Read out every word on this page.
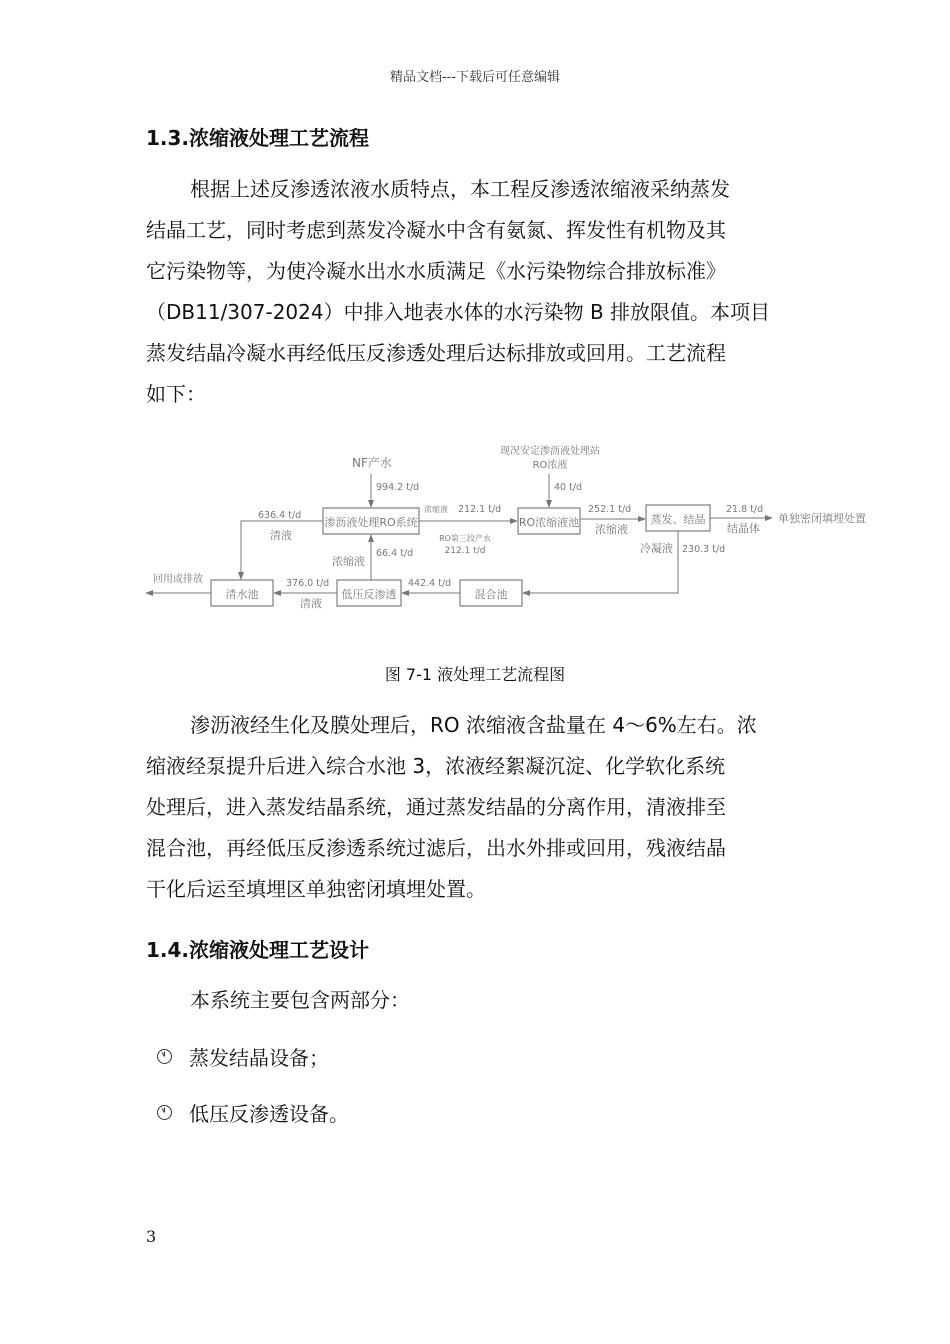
精品文档---下载后可任意编辑
1.3.浓缩液处理工艺流程
根据上述反渗透浓液水质特点，本工程反渗透浓缩液采纳蒸发
结晶工艺，同时考虑到蒸发冷凝水中含有氨氮、挥发性有机物及其
它污染物等，为使冷凝水出水水质满足《水污染物综合排放标准》
（DB11/307-2024）中排入地表水体的水污染物 B 排放限值。本项目
蒸发结晶冷凝水再经低压反渗透处理后达标排放或回用。工艺流程
如下：
渗沥液处理RO系统	RO浓缩液池	蒸发、结晶
清水池	低压反渗透	混合池
NF产水
994.2 t/d
现况安定渗沥液处理站
RO浓液
40 t/d
浓缩液 212.1 t/d
RO第三段产水
212.1 t/d
636.4 t/d
清液
252.1 t/d
浓缩液
21.8 t/d
结晶体
单独密闭填埋处置
冷凝液 230.3 t/d
442.4 t/d
376.0 t/d
清液
浓缩液
66.4 t/d
回用或排放
图 7-1 液处理工艺流程图
渗沥液经生化及膜处理后，RO 浓缩液含盐量在 4～6%左右。浓
缩液经泵提升后进入综合水池 3，浓液经絮凝沉淀、化学软化系统
处理后，进入蒸发结晶系统，通过蒸发结晶的分离作用，清液排至
混合池，再经低压反渗透系统过滤后，出水外排或回用，残液结晶
干化后运至填埋区单独密闭填埋处置。
1.4.浓缩液处理工艺设计
本系统主要包含两部分：
蒸发结晶设备；
低压反渗透设备。
3
